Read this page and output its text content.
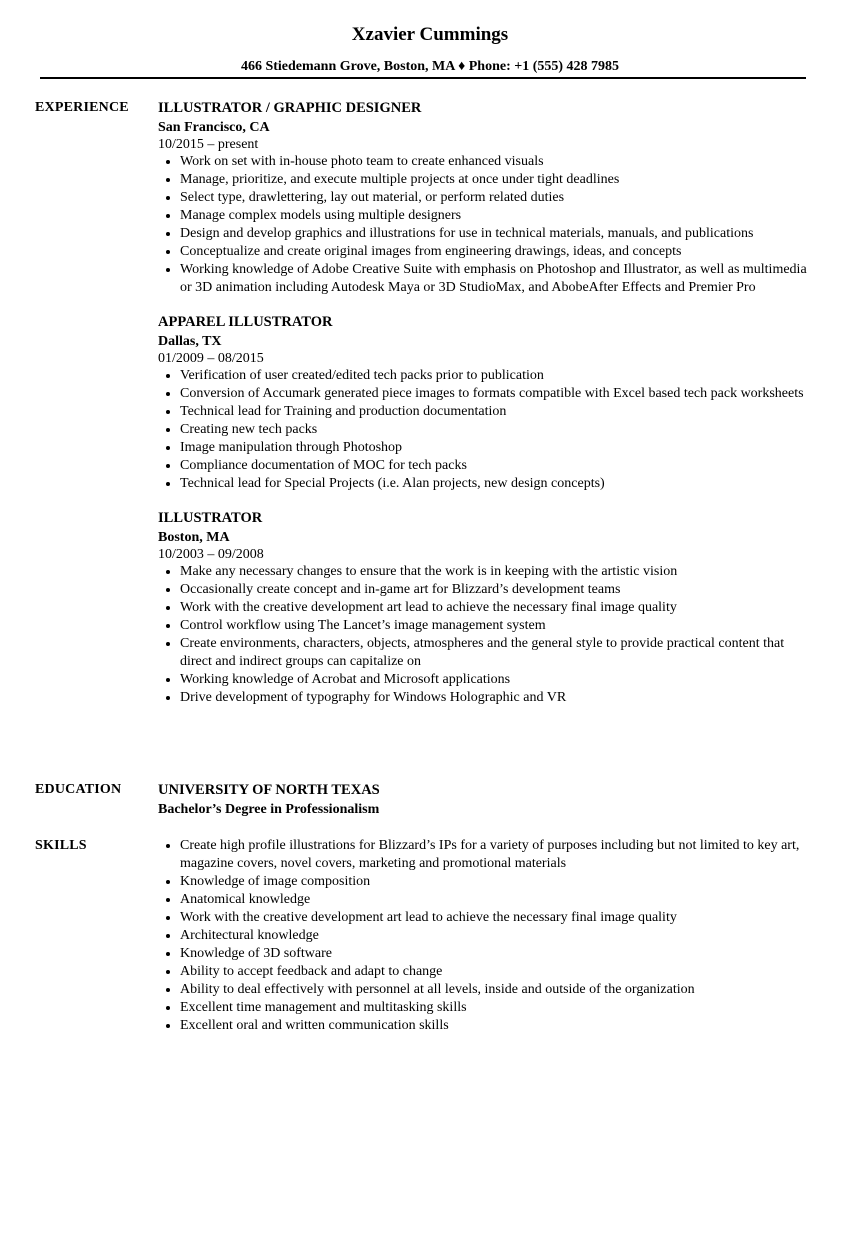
Xzavier Cummings
466 Stiedemann Grove, Boston, MA ♦ Phone: +1 (555) 428 7985
EXPERIENCE ILLUSTRATOR / GRAPHIC DESIGNER
San Francisco, CA
10/2015 – present
• Work on set with in-house photo team to create enhanced visuals
• Manage, prioritize, and execute multiple projects at once under tight deadlines
• Select type, drawlettering, lay out material, or perform related duties
• Manage complex models using multiple designers
• Design and develop graphics and illustrations for use in technical materials, manuals, and publications
• Conceptualize and create original images from engineering drawings, ideas, and concepts
• Working knowledge of Adobe Creative Suite with emphasis on Photoshop and Illustrator, as well as multimedia or 3D animation including Autodesk Maya or 3D StudioMax, and AbobeAfter Effects and Premier Pro
APPAREL ILLUSTRATOR
Dallas, TX
01/2009 – 08/2015
• Verification of user created/edited tech packs prior to publication
• Conversion of Accumark generated piece images to formats compatible with Excel based tech pack worksheets
• Technical lead for Training and production documentation
• Creating new tech packs
• Image manipulation through Photoshop
• Compliance documentation of MOC for tech packs
• Technical lead for Special Projects (i.e. Alan projects, new design concepts)
ILLUSTRATOR
Boston, MA
10/2003 – 09/2008
• Make any necessary changes to ensure that the work is in keeping with the artistic vision
• Occasionally create concept and in-game art for Blizzard’s development teams
• Work with the creative development art lead to achieve the necessary final image quality
• Control workflow using The Lancet’s image management system
• Create environments, characters, objects, atmospheres and the general style to provide practical content that direct and indirect groups can capitalize on
• Working knowledge of Acrobat and Microsoft applications
• Drive development of typography for Windows Holographic and VR
EDUCATION	UNIVERSITY OF NORTH TEXAS
Bachelor’s Degree in Professionalism
SKILLS
•	Create high profile illustrations for Blizzard’s IPs for a variety of purposes including but not limited to key art, magazine covers, novel covers, marketing and promotional materials
• Knowledge of image composition
• Anatomical knowledge
• Work with the creative development art lead to achieve the necessary final image quality
• Architectural knowledge
• Knowledge of 3D software
• Ability to accept feedback and adapt to change
• Ability to deal effectively with personnel at all levels, inside and outside of the organization
• Excellent time management and multitasking skills
• Excellent oral and written communication skills
